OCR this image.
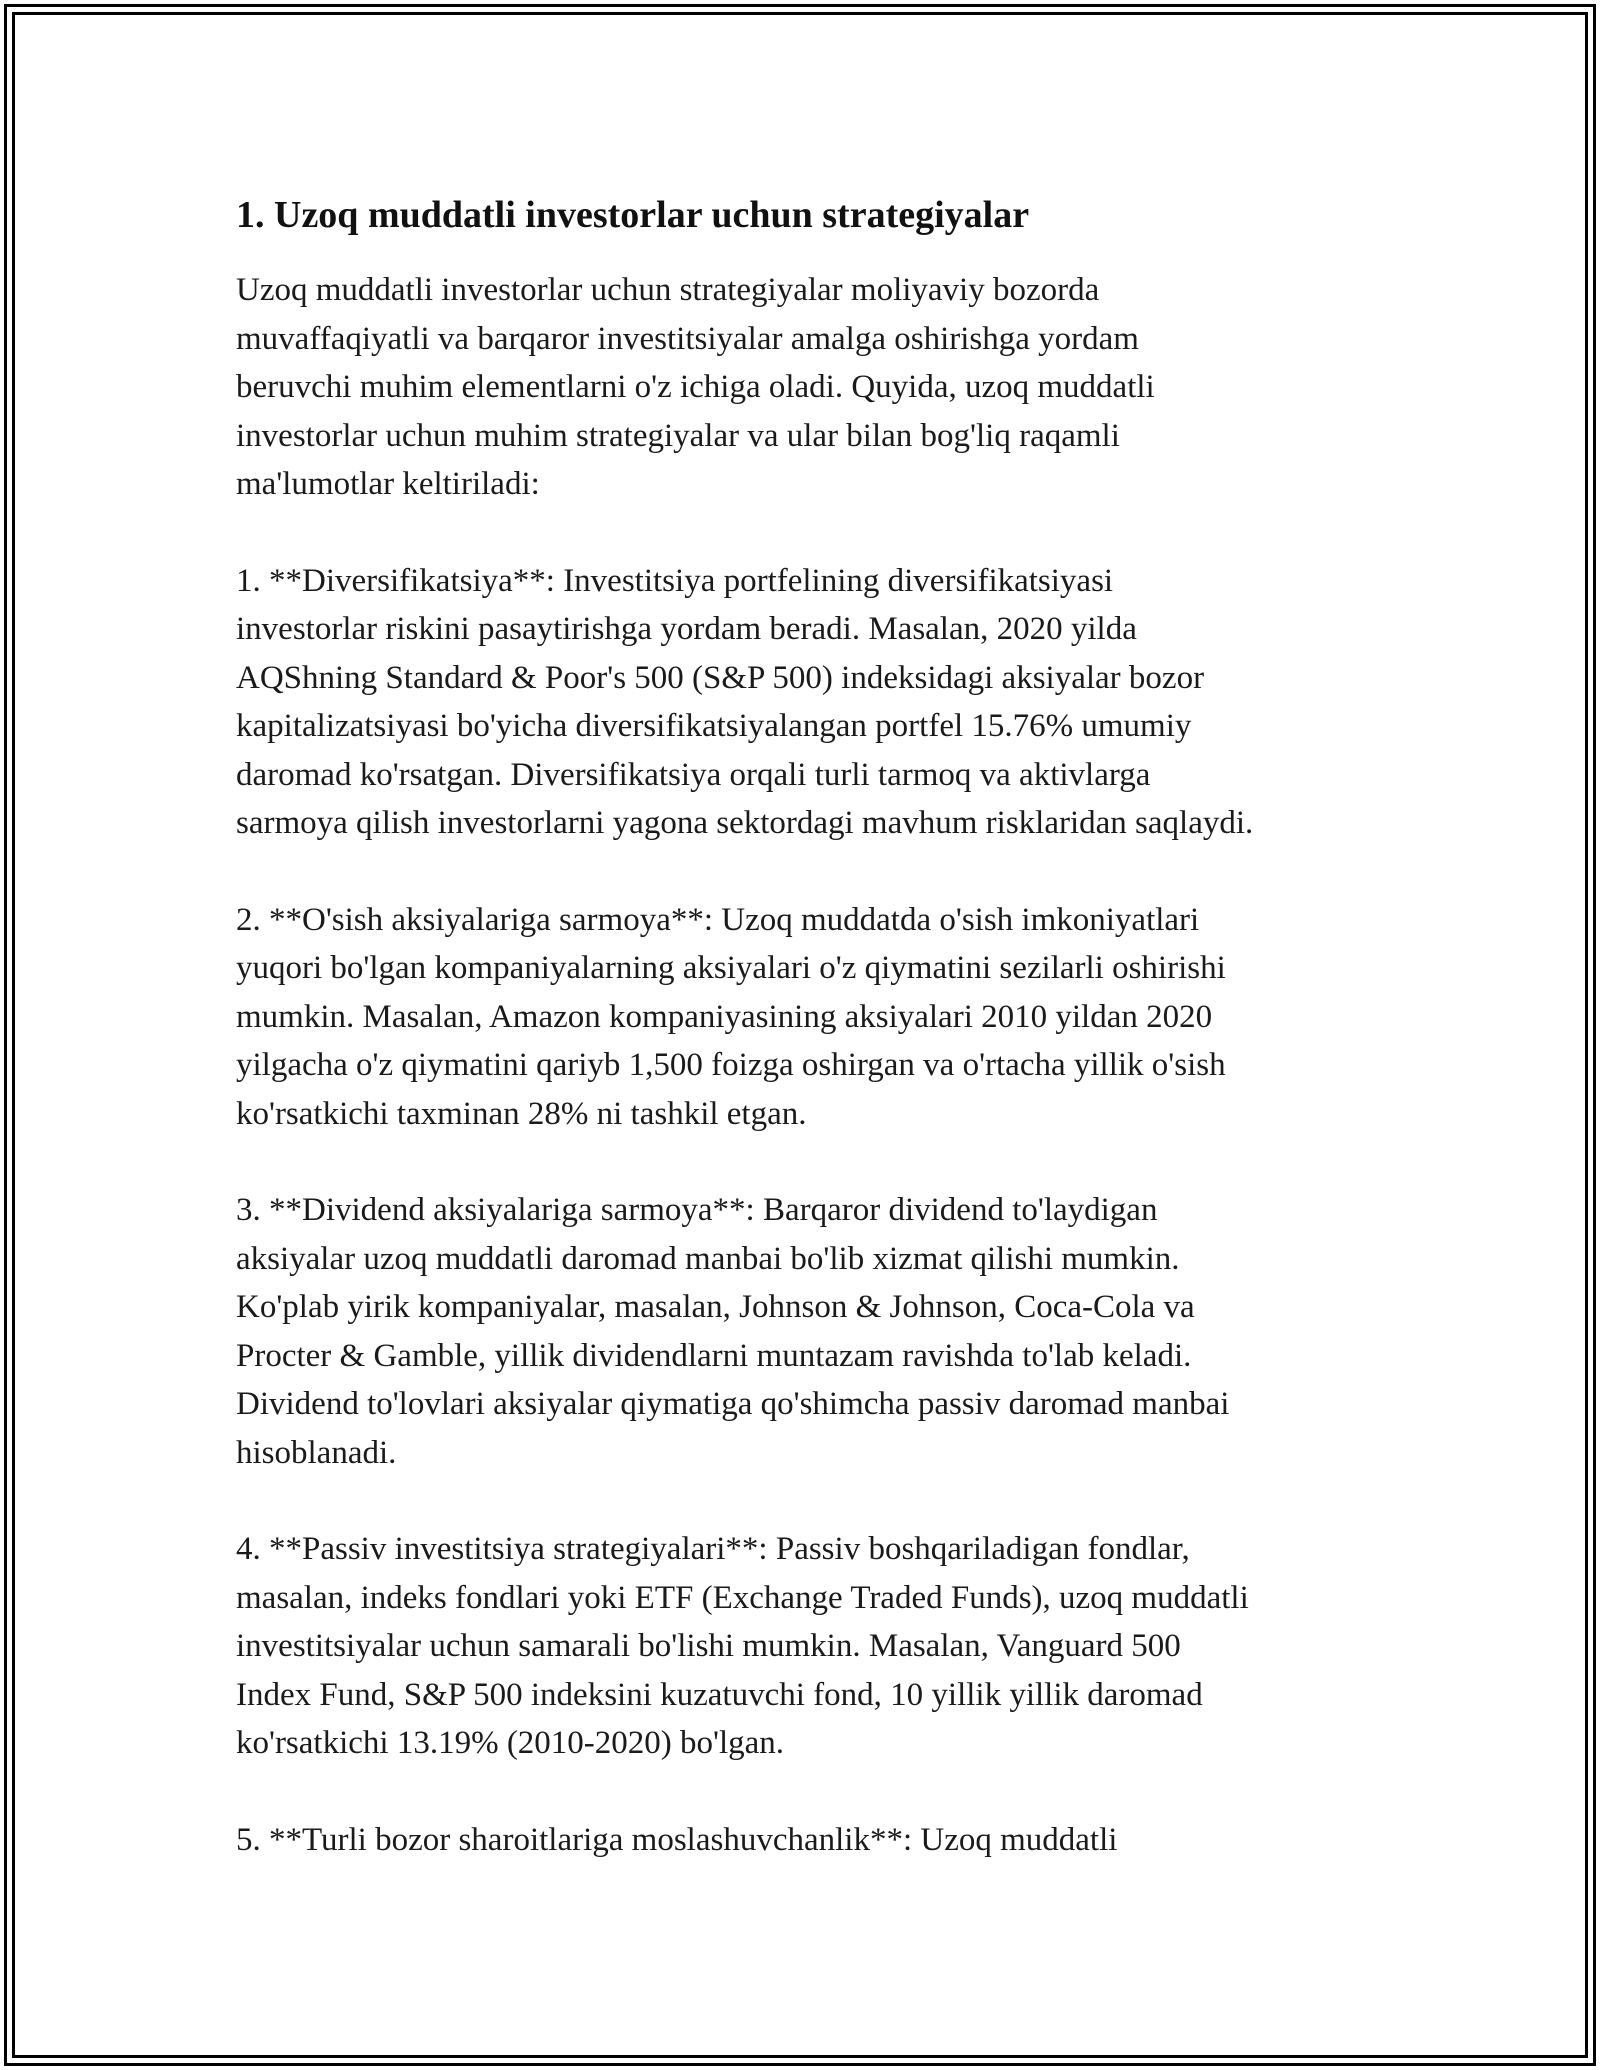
1. Uzoq muddatli investorlar uchun strategiyalar

Uzoq muddatli investorlar uchun strategiyalar moliyaviy bozorda
muvaffaqiyatli va barqaror investitsiyalar amalga oshirishga yordam
beruvchi muhim elementlarni o'z ichiga oladi. Quyida, uzoq muddatli
investorlar uchun muhim strategiyalar va ular bilan bog'liq raqamli
ma'lumotlar keltiriladi:

1. **Diversifikatsiya**: Investitsiya portfelining diversifikatsiyasi
investorlar riskini pasaytirishga yordam beradi. Masalan, 2020 yilda
AQShning Standard & Poor's 500 (S&P 500) indeksidagi aksiyalar bozor
kapitalizatsiyasi bo'yicha diversifikatsiyalangan portfel 15.76% umumiy
daromad ko'rsatgan. Diversifikatsiya orqali turli tarmoq va aktivlarga
sarmoya qilish investorlarni yagona sektordagi mavhum risklaridan saqlaydi.

2. **O'sish aksiyalariga sarmoya**: Uzoq muddatda o'sish imkoniyatlari
yuqori bo'lgan kompaniyalarning aksiyalari o'z qiymatini sezilarli oshirishi
mumkin. Masalan, Amazon kompaniyasining aksiyalari 2010 yildan 2020
yilgacha o'z qiymatini qariyb 1,500 foizga oshirgan va o'rtacha yillik o'sish
ko'rsatkichi taxminan 28% ni tashkil etgan.

3. **Dividend aksiyalariga sarmoya**: Barqaror dividend to'laydigan
aksiyalar uzoq muddatli daromad manbai bo'lib xizmat qilishi mumkin.
Ko'plab yirik kompaniyalar, masalan, Johnson & Johnson, Coca-Cola va
Procter & Gamble, yillik dividendlarni muntazam ravishda to'lab keladi.
Dividend to'lovlari aksiyalar qiymatiga qo'shimcha passiv daromad manbai
hisoblanadi.

4. **Passiv investitsiya strategiyalari**: Passiv boshqariladigan fondlar,
masalan, indeks fondlari yoki ETF (Exchange Traded Funds), uzoq muddatli
investitsiyalar uchun samarali bo'lishi mumkin. Masalan, Vanguard 500
Index Fund, S&P 500 indeksini kuzatuvchi fond, 10 yillik yillik daromad
ko'rsatkichi 13.19% (2010-2020) bo'lgan.

5. **Turli bozor sharoitlariga moslashuvchanlik**: Uzoq muddatli
